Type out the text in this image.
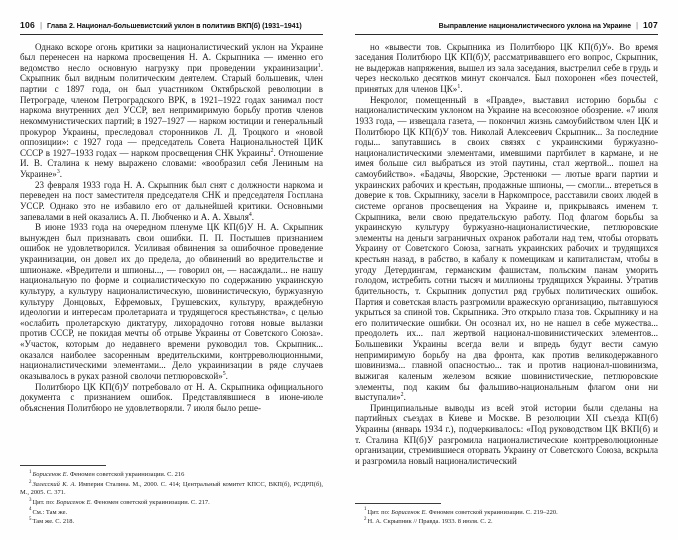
106 | Глава 2. Национал-большевистский уклон в политикв ВКП(б) (1931–1941)

Однако вскоре огонь критики за националистический уклон на Украине был перенесен на наркома просвещения Н. А. Скрыпника — именно его ведомство несло основную нагрузку при проведении украинизации$^1$. Скрыпник был видным политическим деятелем. Старый большевик, член партии с 1897 года, он был участником Октябрьской революции в Петрограде, членом Петроградского ВРК, в 1921–1922 годах занимал пост наркома внутренних дел УССР, вел непримиримую борьбу против членов некоммунистических партий; в 1927–1927 — нарком юстиции и генеральный прокурор Украины, преследовал сторонников Л. Д. Троцкого и «новой оппозиции»: с 1927 года — председатель Совета Национальностей ЦИК СССР в 1927–1933 годах — нарком просвещения СНК Украины$^2$. Отношение И. В. Сталина к нему выражено словами: «вообразил себя Лениным на Украине»$^3$.

23 февраля 1933 года Н. А. Скрыпник был снят с должности наркома и переведен на пост заместителя председателя СНК и председателя Госплана УССР. Однако это не избавило его от дальнейшей критики. Основными запевалами в ней оказались А. П. Любченко и А. А. Хвыля$^4$.

В июне 1933 года на очередном пленуме ЦК КП(б)У Н. А. Скрыпник вынужден был признавать свои ошибки. П. П. Постышев признанием ошибок не удовлетворился. Усиливая обвинения за ошибочное проведение украинизации, он довел их до предела, до обвинений во вредительстве и шпионаже. «Вредители и шпионы..., — говорил он, — насаждали... не нашу национальную по форме и социалистическую по содержанию украинскую культуру, а культуру националистическую, шовинистическую, буржуазную культуру Донцовых, Ефремовых, Грушевских, культуру, враждебную идеологии и интересам пролетариата и трудящегося крестьянства», с целью «ослабить пролетарскую диктатуру, лихорадочно готовя новые вылазки против СССР, не покидая мечты об отрыве Украины от Советского Союза». «Участок, которым до недавнего времени руководил тов. Скрыпник... оказался наиболее засоренным вредительскими, контрреволюционными, националистическими элементами... Дело украинизации в ряде случаев оказывалось в руках разной сволочи петлюровской»$^5$.

Политбюро ЦК КП(б)У потребовало от Н. А. Скрыпника официального документа с признанием ошибок. Представлявшиеся в июне-июле объяснения Политбюро не удовлетворяли. 7 июля было реше-

$^1$Борисенок Е. Феномен советской украинизации. С. 216

$^2$Залесский К. А. Империя Сталина. М., 2000. С. 414; Центральный комитет КПСС, ВКП(б), РСДРП(б), М., 2005. С. 371.

$^3$Цит. по: Борисенок Е. Феномен советской украинизации. С. 217.

$^4$См.: Там же.

$^5$Там же. С. 218.

Выправление националистического уклона на Украине | 107

но «вывести тов. Скрыпника из Политбюро ЦК КП(б)У». Во время заседания Политбюро ЦК КП(б)У, рассматривавшего его вопрос, Скрыпник, не выдержав напряжения, вышел из зала заседания, выстрелил себе в грудь и через несколько десятков минут скончался. Был похоронен «без почестей, принятых для членов ЦК»$^1$.

Некролог, помещенный в «Правде», выставил историю борьбы с националистическим уклоном на Украине на всесоюзное обозрение. «7 июля 1933 года, — извещала газета, — покончил жизнь самоубийством член ЦК и Политбюро ЦК КП(б)У тов. Николай Алексеевич Скрыпник... За последние годы... запутавшись в своих связях с украинскими буржуазно-националистическими элементами, имевшими партбилет в кармане, и не имея больше сил выбраться из этой паутины, стал жертвой... пошел на самоубийство». «Бадачы, Яворские, Эрстенюки — лютые враги партии и украинских рабочих и крестьян, продажные шпионы, — смогли... втереться в доверие к тов. Скрыпнику, засели в Наркомпросе, расставили своих людей в системе органов просвещения на Украине и, прикрываясь именем т. Скрыпника, вели свою предательскую работу. Под флагом борьбы за украинскую культуру буржуазно-националистические, петлюровские элементы на деньги заграничных охранок работали над тем, чтобы оторвать Украину от Советского Союза, загнать украинских рабочих и трудящихся крестьян назад, в рабство, в кабалу к помещикам и капиталистам, чтобы в угоду Детердингам, германским фашистам, польским панам уморить голодом, истребить сотни тысяч и миллионы трудящихся Украины. Утратив бдительность, т. Скрыпник допустил ряд грубых политических ошибок. Партия и советская власть разгромили вражескую организацию, пытавшуюся укрыться за спиной тов. Скрыпника. Это открыло глаза тов. Скрыпнику и на его политические ошибки. Он осознал их, но не нашел в себе мужества... преодолеть их... пал жертвой национал-шовинистических элементов... Большевики Украины всегда вели и впредь будут вести самую непримиримую борьбу на два фронта, как против великодержавного шовинизма... главной опасностью... так и против национал-шовинизма, выжигая каленым железом всякие шовинистические, петлюровские элементы, под каким бы фальшиво-национальным флагом они ни выступали»$^2$.

Принципиальные выводы из всей этой истории были сделаны на партийных съездах в Киеве и Москве. В резолюции XII съезда КП(б) Украины (январь 1934 г.), подчеркивалось: «Под руководством ЦК ВКП(б) и т. Сталина КП(б)У разгромила националистические контрреволюционные организации, стремившиеся оторвать Украину от Советского Союза, вскрыла и разгромила новый националистический

$^1$Цит. по: Борисенок Е. Феномен советской украинизации. С. 219–220.

$^2$Н. А. Скрыпник // Правда. 1933. 8 июля. С. 2.
